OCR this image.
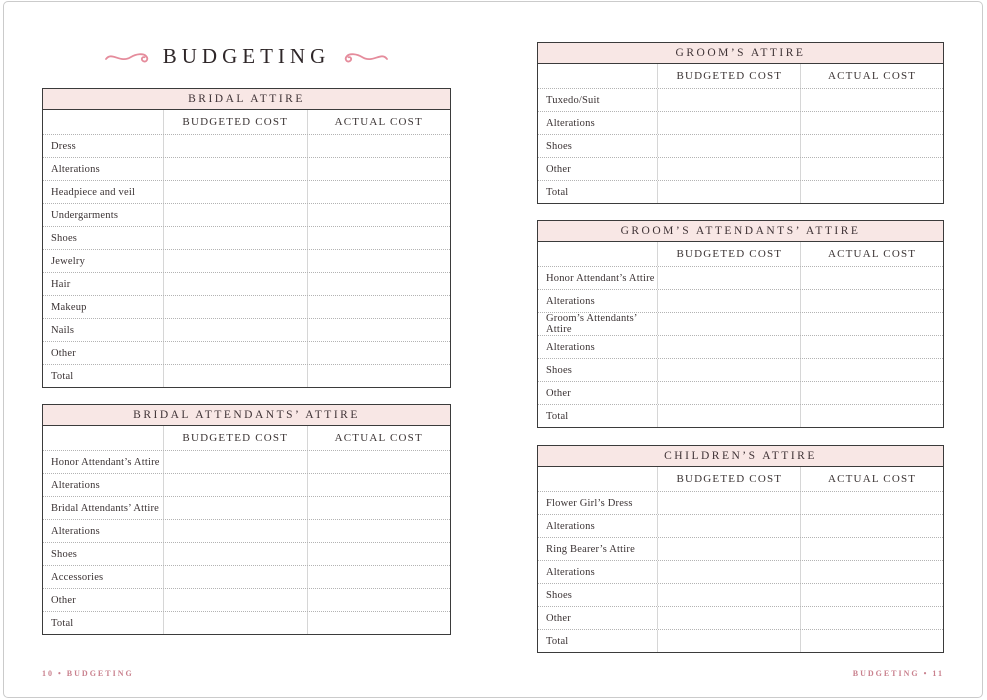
BUDGETING
BRIDAL ATTIRE
BUDGETED COST	ACTUAL COST
Dress
Alterations
Headpiece and veil
Undergarments
Shoes
Jewelry
Hair
Makeup
Nails
Other
Total
BRIDAL ATTENDANTS’ ATTIRE
BUDGETED COST	ACTUAL COST
Honor Attendant’s Attire
Alterations
Bridal Attendants’ Attire
Alterations
Shoes
Accessories
Other
Total
GROOM’S ATTIRE
BUDGETED COST	ACTUAL COST
Tuxedo/Suit
Alterations
Shoes
Other
Total
GROOM’S ATTENDANTS’ ATTIRE
BUDGETED COST	ACTUAL COST
Honor Attendant’s Attire
Alterations
Groom’s Attendants’ Attire
Alterations
Shoes
Other
Total
CHILDREN’S ATTIRE
BUDGETED COST	ACTUAL COST
Flower Girl’s Dress
Alterations
Ring Bearer’s Attire
Alterations
Shoes
Other
Total
10 • BUDGETING	BUDGETING • 11
